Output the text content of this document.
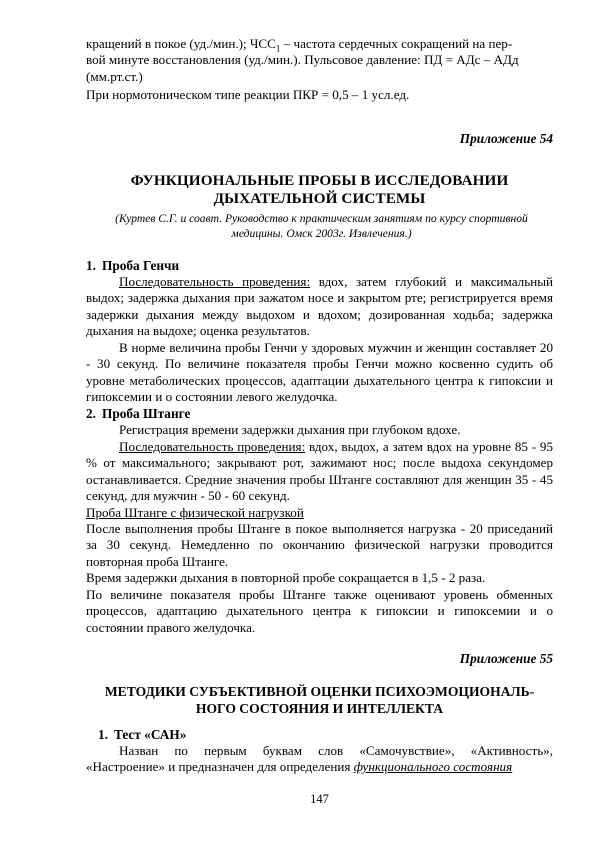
кращений в покое (уд./мин.); $ЧСС_1$ – частота сердечных сокращений на пер-
вой минуте восстановления (уд./мин.). Пульсовое давление: ПД = АДс – АДд
(мм.рт.ст.)

При нормотоническом типе реакции ПКР = 0,5 – 1 усл.ед.

Приложение 54
ФУНКЦИОНАЛЬНЫЕ ПРОБЫ В ИССЛЕДОВАНИИ
ДЫХАТЕЛЬНОЙ СИСТЕМЫ
(Куртев С.Г. и соавт. Руководство к практическим занятиям по курсу спортивной
медицины. Омск 2003г. Извлечения.)
1. Проба Генчи

Последовательность проведения: вдох, затем глубокий и максимальный выдох; задержка дыхания при зажатом носе и закрытом рте; регистрируется время задержки дыхания между выдохом и вдохом; дозированная ходьба; задержка дыхания на выдохе; оценка результатов.

В норме величина пробы Генчи у здоровых мужчин и женщин составляет 20 - 30 секунд. По величине показателя пробы Генчи можно косвенно судить об уровне метаболических процессов, адаптации дыхательного центра к гипоксии и гипоксемии и о состоянии левого желудочка.

2. Проба Штанге

Регистрация времени задержки дыхания при глубоком вдохе.

Последовательность проведения: вдох, выдох, а затем вдох на уровне 85 - 95 % от максимального; закрывают рот, зажимают нос; после выдоха секундомер останавливается. Средние значения пробы Штанге составляют для женщин 35 - 45 секунд, для мужчин - 50 - 60 секунд.

Проба Штанге с физической нагрузкой

После выполнения пробы Штанге в покое выполняется нагрузка - 20 приседаний за 30 секунд. Немедленно по окончанию физической нагрузки проводится повторная проба Штанге.

Время задержки дыхания в повторной пробе сокращается в 1,5 - 2 раза.

По величине показателя пробы Штанге также оценивают уровень обменных процессов, адаптацию дыхательного центра к гипоксии и гипоксемии и о состоянии правого желудочка.

Приложение 55
МЕТОДИКИ СУБЪЕКТИВНОЙ ОЦЕНКИ ПСИХОЭМОЦИОНАЛЬ-
НОГО СОСТОЯНИЯ И ИНТЕЛЛЕКТА
1. Тест «САН»

Назван по первым буквам слов «Самочувствие», «Активность», «Настроение» и предназначен для определения функционального состояния

147
